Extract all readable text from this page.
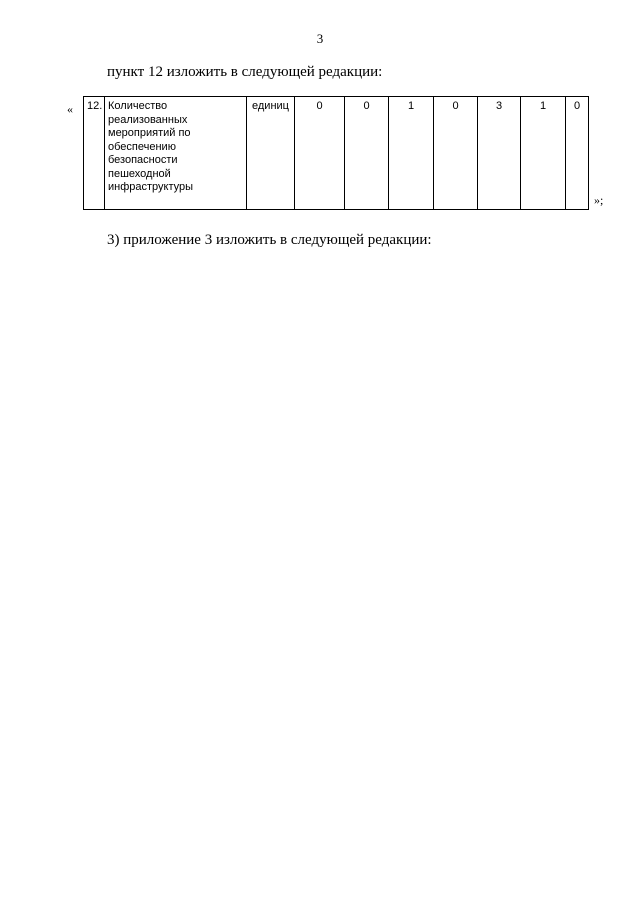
3
пункт 12 изложить в следующей редакции:
« 12.	Количество реализованных мероприятий по обеспечению безопасности пешеходной инфраструктуры	единиц	0	0	1	0	3	1	0
»;
3) приложение 3 изложить в следующей редакции:
